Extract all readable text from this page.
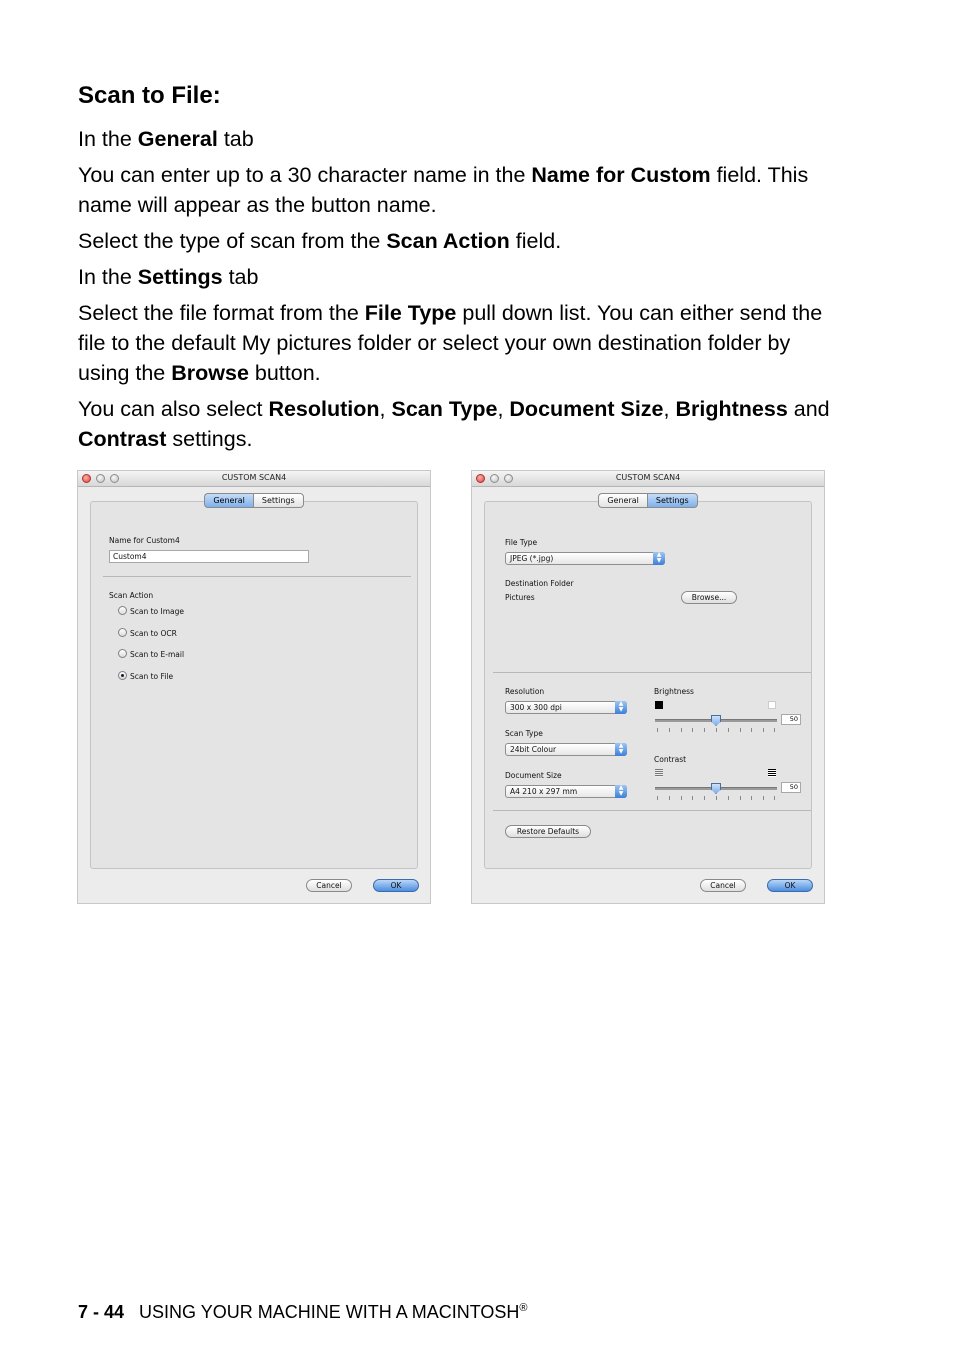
Scan to File:

In the General tab

You can enter up to a 30 character name in the Name for Custom field. This name will appear as the button name.

Select the type of scan from the Scan Action field.

In the Settings tab

Select the file format from the File Type pull down list. You can either send the file to the default My pictures folder or select your own destination folder by using the Browse button.

You can also select Resolution, Scan Type, Document Size, Brightness and Contrast settings.

CUSTOM SCAN4
General	Settings
Name for Custom4
Custom4
Scan Action
Scan to Image
Scan to OCR
Scan to E-mail
Scan to File
Cancel	OK
CUSTOM SCAN4
General	Settings
File Type
JPEG (*.jpg)	▲
▼
Destination Folder
Pictures	Browse...
Resolution
300 x 300 dpi	▲
▼
Scan Type
24bit Colour	▲
▼
Document Size
A4 210 x 297 mm	▲
▼
Brightness
50
Contrast
50
Restore Defaults
Cancel	OK

7 - 44 USING YOUR MACHINE WITH A MACINTOSH®
